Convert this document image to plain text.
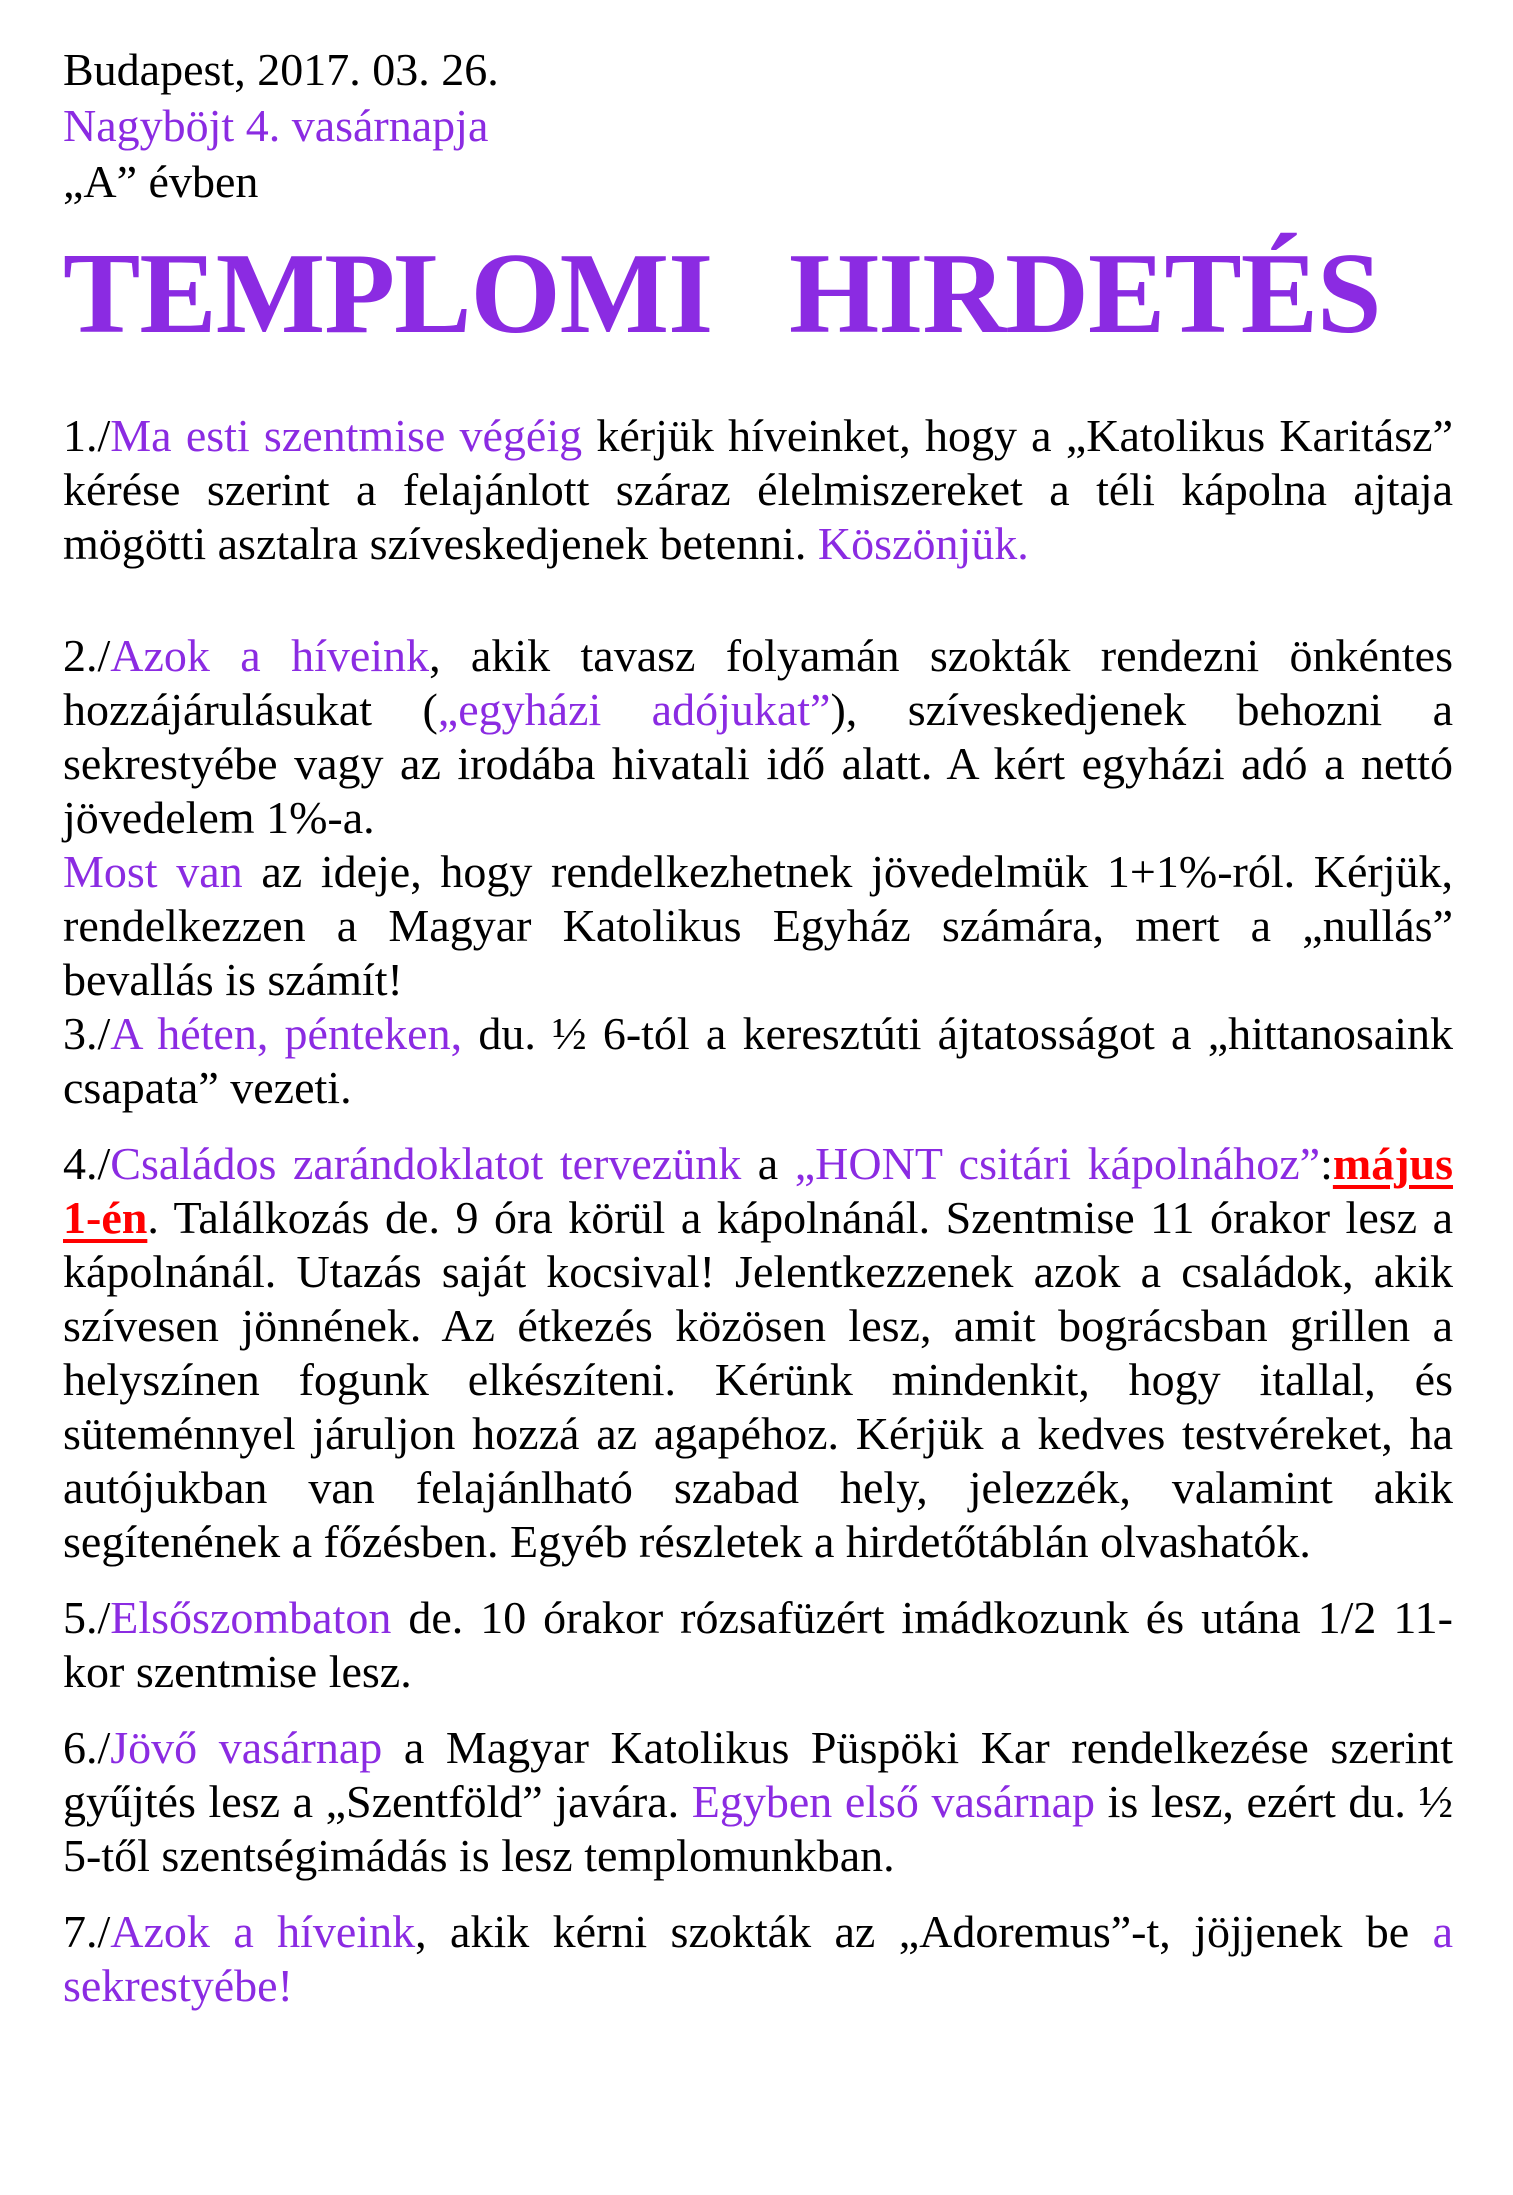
Budapest, 2017. 03. 26.
Nagyböjt 4. vasárnapja
„A” évben
TEMPLOMI HIRDETÉS

1./Ma esti szentmise végéig kérjük híveinket, hogy a „Katolikus Karitász” kérése szerint a felajánlott száraz élelmiszereket a téli kápolna ajtaja mögötti asztalra szíveskedjenek betenni. Köszönjük.

2./Azok a híveink, akik tavasz folyamán szokták rendezni önkéntes hozzájárulásukat („egyházi adójukat”), szíveskedjenek behozni a sekrestyébe vagy az irodába hivatali idő alatt. A kért egyházi adó a nettó jövedelem 1%-a.

Most van az ideje, hogy rendelkezhetnek jövedelmük 1+1%-ról. Kérjük, rendelkezzen a Magyar Katolikus Egyház számára, mert a „nullás” bevallás is számít!

3./A héten, pénteken, du. ½ 6-tól a keresztúti ájtatosságot a „hittanosaink csapata” vezeti.

4./Családos zarándoklatot tervezünk a „HONT csitári kápolnához”:május 1-én. Találkozás de. 9 óra körül a kápolnánál. Szentmise 11 órakor lesz a kápolnánál. Utazás saját kocsival! Jelentkezzenek azok a családok, akik szívesen jönnének. Az étkezés közösen lesz, amit bográcsban grillen a helyszínen fogunk elkészíteni. Kérünk mindenkit, hogy itallal, és süteménnyel járuljon hozzá az agapéhoz. Kérjük a kedves testvéreket, ha autójukban van felajánlható szabad hely, jelezzék, valamint akik segítenének a főzésben. Egyéb részletek a hirdetőtáblán olvashatók.

5./Elsőszombaton de. 10 órakor rózsafüzért imádkozunk és utána 1/2 11-kor szentmise lesz.

6./Jövő vasárnap a Magyar Katolikus Püspöki Kar rendelkezése szerint gyűjtés lesz a „Szentföld” javára. Egyben első vasárnap is lesz, ezért du. ½ 5-től szentségimádás is lesz templomunkban.

7./Azok a híveink, akik kérni szokták az „Adoremus”-t, jöjjenek be a sekrestyébe!
